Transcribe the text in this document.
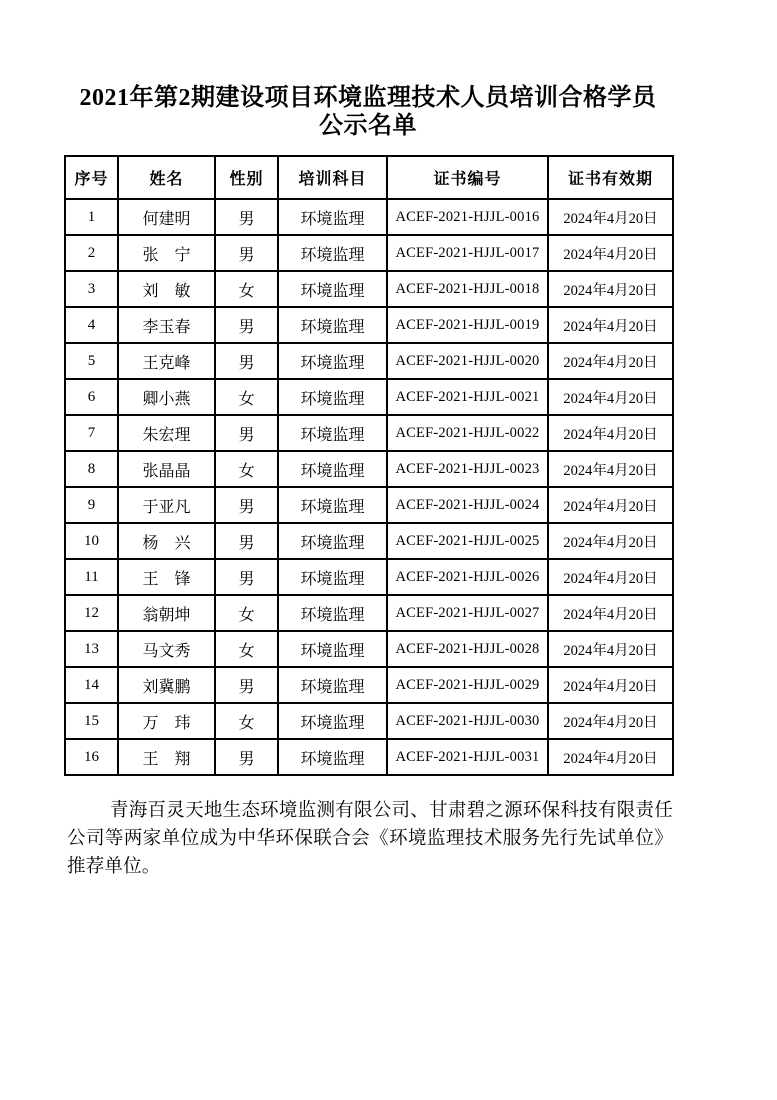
2021年第2期建设项目环境监理技术人员培训合格学员
公示名单
序号	姓名	性别	培训科目	证书编号	证书有效期
1	何建明	男	环境监理	ACEF-2021-HJJL-0016	2024年4月20日
2	张　宁	男	环境监理	ACEF-2021-HJJL-0017	2024年4月20日
3	刘　敏	女	环境监理	ACEF-2021-HJJL-0018	2024年4月20日
4	李玉春	男	环境监理	ACEF-2021-HJJL-0019	2024年4月20日
5	王克峰	男	环境监理	ACEF-2021-HJJL-0020	2024年4月20日
6	卿小燕	女	环境监理	ACEF-2021-HJJL-0021	2024年4月20日
7	朱宏理	男	环境监理	ACEF-2021-HJJL-0022	2024年4月20日
8	张晶晶	女	环境监理	ACEF-2021-HJJL-0023	2024年4月20日
9	于亚凡	男	环境监理	ACEF-2021-HJJL-0024	2024年4月20日
10	杨　兴	男	环境监理	ACEF-2021-HJJL-0025	2024年4月20日
11	王　锋	男	环境监理	ACEF-2021-HJJL-0026	2024年4月20日
12	翁朝坤	女	环境监理	ACEF-2021-HJJL-0027	2024年4月20日
13	马文秀	女	环境监理	ACEF-2021-HJJL-0028	2024年4月20日
14	刘冀鹏	男	环境监理	ACEF-2021-HJJL-0029	2024年4月20日
15	万　玮	女	环境监理	ACEF-2021-HJJL-0030	2024年4月20日
16	王　翔	男	环境监理	ACEF-2021-HJJL-0031	2024年4月20日

青海百灵天地生态环境监测有限公司、甘肃碧之源环保科技有限责任公司等两家单位成为中华环保联合会《环境监理技术服务先行先试单位》推荐单位。
